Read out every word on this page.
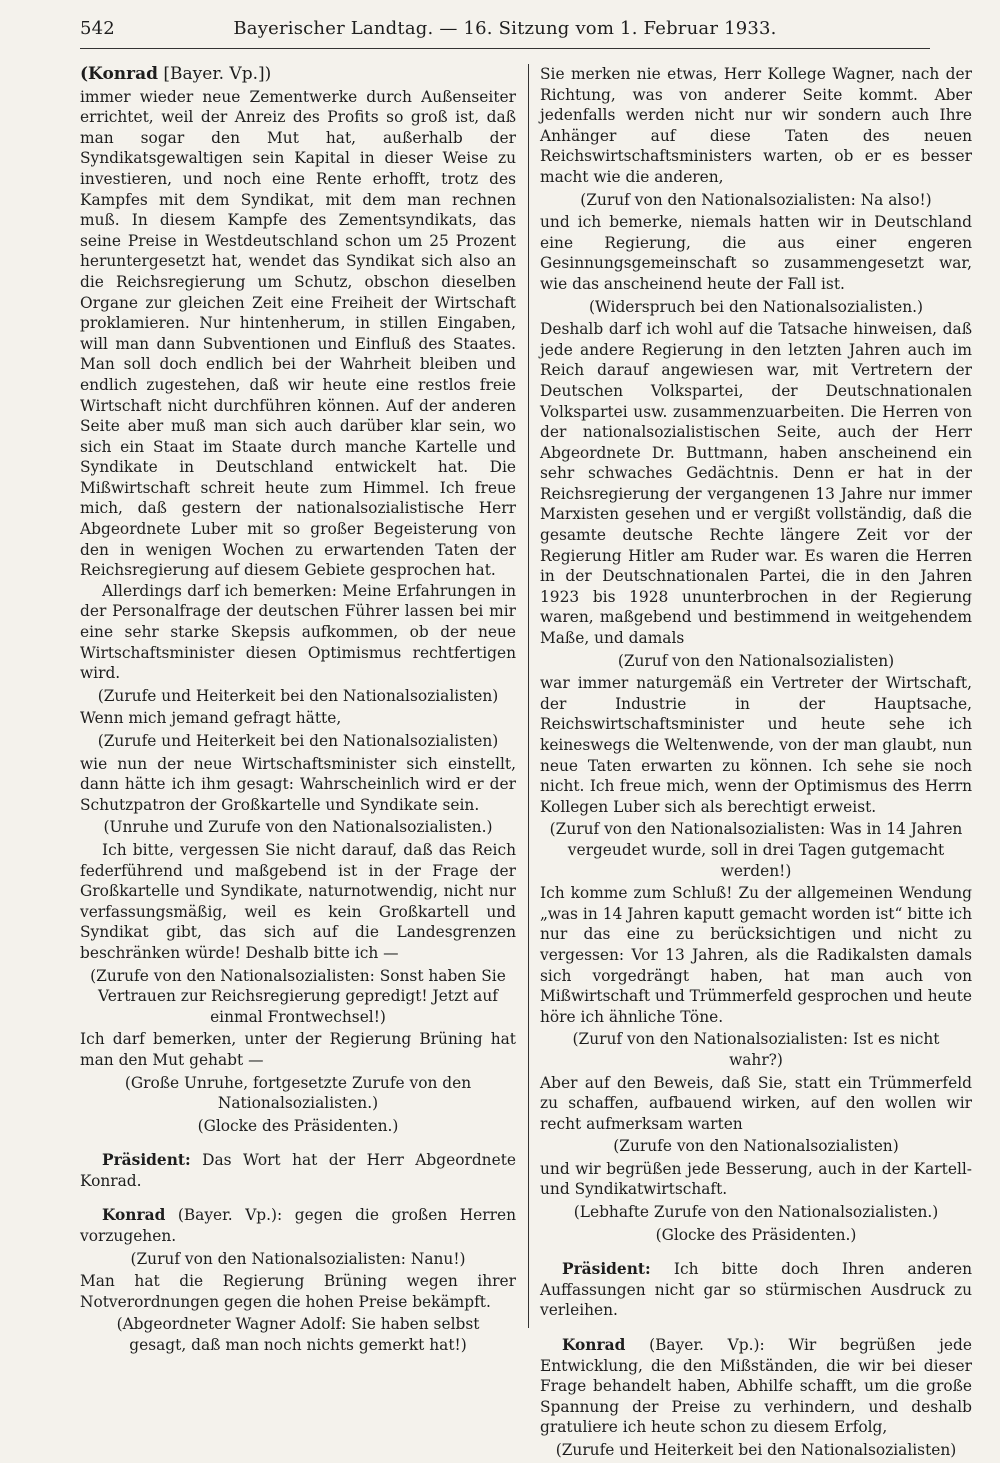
542	Bayerischer Landtag. — 16. Sitzung vom 1. Februar 1933.

(Konrad [Bayer. Vp.])

immer wieder neue Zementwerke durch Außenseiter errichtet, weil der Anreiz des Profits so groß ist, daß man sogar den Mut hat, außerhalb der Syndikatsgewaltigen sein Kapital in dieser Weise zu investieren, und noch eine Rente erhofft, trotz des Kampfes mit dem Syndikat, mit dem man rechnen muß. In diesem Kampfe des Zementsyndikats, das seine Preise in Westdeutschland schon um 25 Prozent heruntergesetzt hat, wendet das Syndikat sich also an die Reichsregierung um Schutz, obschon dieselben Organe zur gleichen Zeit eine Freiheit der Wirtschaft proklamieren. Nur hintenherum, in stillen Eingaben, will man dann Subventionen und Einfluß des Staates. Man soll doch endlich bei der Wahrheit bleiben und endlich zugestehen, daß wir heute eine restlos freie Wirtschaft nicht durchführen können. Auf der anderen Seite aber muß man sich auch darüber klar sein, wo sich ein Staat im Staate durch manche Kartelle und Syndikate in Deutschland entwickelt hat. Die Mißwirtschaft schreit heute zum Himmel. Ich freue mich, daß gestern der nationalsozialistische Herr Abgeordnete Luber mit so großer Begeisterung von den in wenigen Wochen zu erwartenden Taten der Reichsregierung auf diesem Gebiete gesprochen hat.

Allerdings darf ich bemerken: Meine Erfahrungen in der Personalfrage der deutschen Führer lassen bei mir eine sehr starke Skepsis aufkommen, ob der neue Wirtschaftsminister diesen Optimismus rechtfertigen wird.

(Zurufe und Heiterkeit bei den Nationalsozialisten)

Wenn mich jemand gefragt hätte,

(Zurufe und Heiterkeit bei den Nationalsozialisten)

wie nun der neue Wirtschaftsminister sich einstellt, dann hätte ich ihm gesagt: Wahrscheinlich wird er der Schutzpatron der Großkartelle und Syndikate sein.

(Unruhe und Zurufe von den Nationalsozialisten.)

Ich bitte, vergessen Sie nicht darauf, daß das Reich federführend und maßgebend ist in der Frage der Großkartelle und Syndikate, naturnotwendig, nicht nur verfassungsmäßig, weil es kein Großkartell und Syndikat gibt, das sich auf die Landesgrenzen beschränken würde! Deshalb bitte ich —

(Zurufe von den Nationalsozialisten: Sonst haben Sie Vertrauen zur Reichsregierung gepredigt! Jetzt auf einmal Frontwechsel!)

Ich darf bemerken, unter der Regierung Brüning hat man den Mut gehabt —

(Große Unruhe, fortgesetzte Zurufe von den Nationalsozialisten.)

(Glocke des Präsidenten.)

Präsident: Das Wort hat der Herr Abgeordnete Konrad.

Konrad (Bayer. Vp.): gegen die großen Herren vorzugehen.

(Zuruf von den Nationalsozialisten: Nanu!)

Man hat die Regierung Brüning wegen ihrer Notverordnungen gegen die hohen Preise bekämpft.

(Abgeordneter Wagner Adolf: Sie haben selbst gesagt, daß man noch nichts gemerkt hat!)

Sie merken nie etwas, Herr Kollege Wagner, nach der Richtung, was von anderer Seite kommt. Aber jedenfalls werden nicht nur wir sondern auch Ihre Anhänger auf diese Taten des neuen Reichswirtschaftsministers warten, ob er es besser macht wie die anderen,

(Zuruf von den Nationalsozialisten: Na also!)

und ich bemerke, niemals hatten wir in Deutschland eine Regierung, die aus einer engeren Gesinnungsgemeinschaft so zusammengesetzt war, wie das anscheinend heute der Fall ist.

(Widerspruch bei den Nationalsozialisten.)

Deshalb darf ich wohl auf die Tatsache hinweisen, daß jede andere Regierung in den letzten Jahren auch im Reich darauf angewiesen war, mit Vertretern der Deutschen Volkspartei, der Deutschnationalen Volkspartei usw. zusammenzuarbeiten. Die Herren von der nationalsozialistischen Seite, auch der Herr Abgeordnete Dr. Buttmann, haben anscheinend ein sehr schwaches Gedächtnis. Denn er hat in der Reichsregierung der vergangenen 13 Jahre nur immer Marxisten gesehen und er vergißt vollständig, daß die gesamte deutsche Rechte längere Zeit vor der Regierung Hitler am Ruder war. Es waren die Herren in der Deutschnationalen Partei, die in den Jahren 1923 bis 1928 ununterbrochen in der Regierung waren, maßgebend und bestimmend in weitgehendem Maße, und damals

(Zuruf von den Nationalsozialisten)

war immer naturgemäß ein Vertreter der Wirtschaft, der Industrie in der Hauptsache, Reichswirtschaftsminister und heute sehe ich keineswegs die Weltenwende, von der man glaubt, nun neue Taten erwarten zu können. Ich sehe sie noch nicht. Ich freue mich, wenn der Optimismus des Herrn Kollegen Luber sich als berechtigt erweist.

(Zuruf von den Nationalsozialisten: Was in 14 Jahren vergeudet wurde, soll in drei Tagen gutgemacht werden!)

Ich komme zum Schluß! Zu der allgemeinen Wendung „was in 14 Jahren kaputt gemacht worden ist“ bitte ich nur das eine zu berücksichtigen und nicht zu vergessen: Vor 13 Jahren, als die Radikalsten damals sich vorgedrängt haben, hat man auch von Mißwirtschaft und Trümmerfeld gesprochen und heute höre ich ähnliche Töne.

(Zuruf von den Nationalsozialisten: Ist es nicht wahr?)

Aber auf den Beweis, daß Sie, statt ein Trümmerfeld zu schaffen, aufbauend wirken, auf den wollen wir recht aufmerksam warten

(Zurufe von den Nationalsozialisten)

und wir begrüßen jede Besserung, auch in der Kartell- und Syndikatwirtschaft.

(Lebhafte Zurufe von den Nationalsozialisten.)

(Glocke des Präsidenten.)

Präsident: Ich bitte doch Ihren anderen Auffassungen nicht gar so stürmischen Ausdruck zu verleihen.

Konrad (Bayer. Vp.): Wir begrüßen jede Entwicklung, die den Mißständen, die wir bei dieser Frage behandelt haben, Abhilfe schafft, um die große Spannung der Preise zu verhindern, und deshalb gratuliere ich heute schon zu diesem Erfolg,

(Zurufe und Heiterkeit bei den Nationalsozialisten)
